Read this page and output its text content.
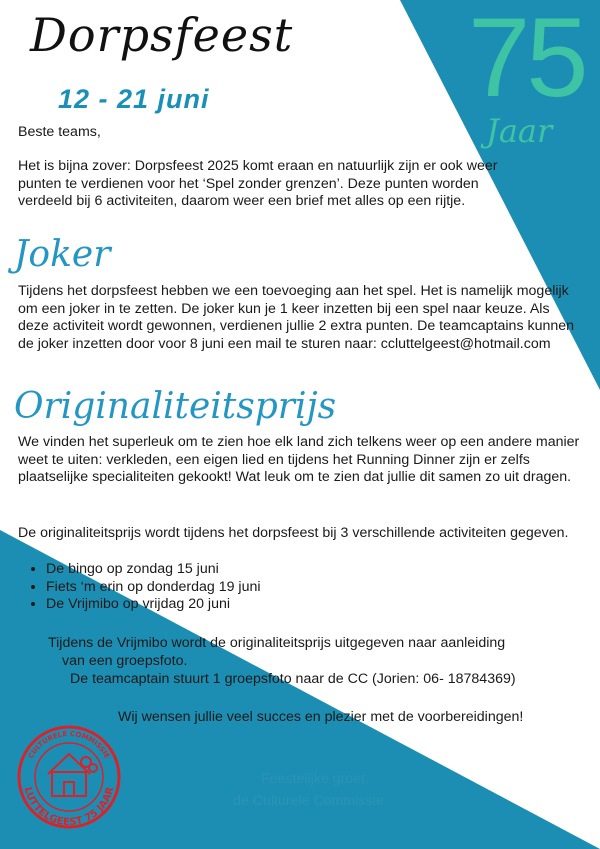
Dorpsfeest
12 - 21 juni 75
Jaar
Beste teams,
Het is bijna zover: Dorpsfeest 2025 komt eraan en natuurlijk zijn er ook weer punten te verdienen voor het ‘Spel zonder grenzen’. Deze punten worden verdeeld bij 6 activiteiten, daarom weer een brief met alles op een rijtje.
Joker
Tijdens het dorpsfeest hebben we een toevoeging aan het spel. Het is namelijk mogelijk om een joker in te zetten. De joker kun je 1 keer inzetten bij een spel naar keuze. Als deze activiteit wordt gewonnen, verdienen jullie 2 extra punten. De teamcaptains kunnen de joker inzetten door voor 8 juni een mail te sturen naar: ccluttelgeest@hotmail.com
Originaliteitsprijs
We vinden het superleuk om te zien hoe elk land zich telkens weer op een andere manier weet te uiten: verkleden, een eigen lied en tijdens het Running Dinner zijn er zelfs plaatselijke specialiteiten gekookt! Wat leuk om te zien dat jullie dit samen zo uit dragen.
De originaliteitsprijs wordt tijdens het dorpsfeest bij 3 verschillende activiteiten gegeven.
• De bingo op zondag 15 juni
• Fiets ‘m erin op donderdag 19 juni
• De Vrijmibo op vrijdag 20 juni
Tijdens de Vrijmibo wordt de originaliteitsprijs uitgegeven naar aanleiding
van een groepsfoto.
De teamcaptain stuurt 1 groepsfoto naar de CC (Jorien: 06- 18784369)
Wij wensen jullie veel succes en plezier met de voorbereidingen!
Feestelijke groet,
de Culturele Commissie
CULTURELE COMMISSIE
LUTTELGEEST 75 JAAR
